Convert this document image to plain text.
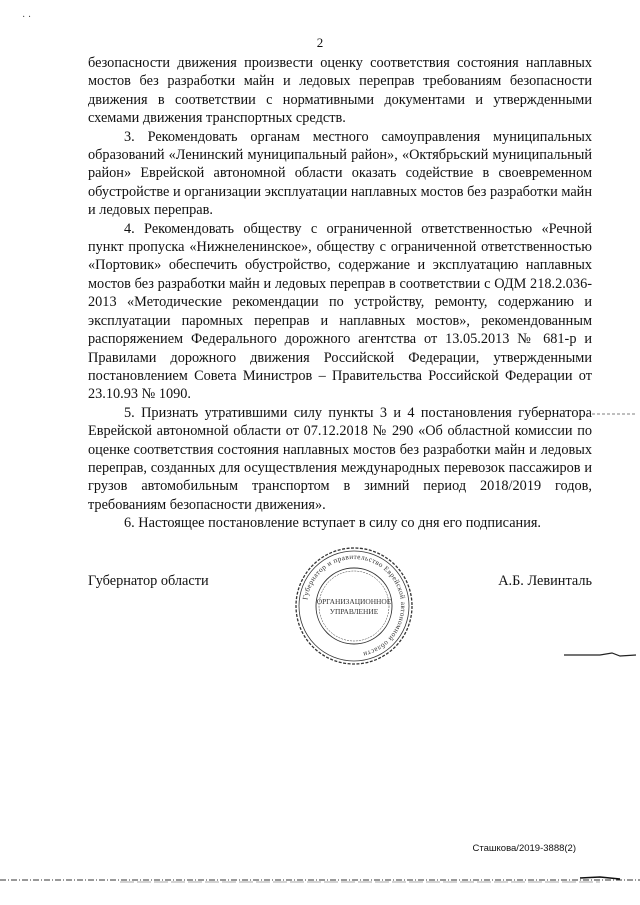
· ·
2

безопасности движения произвести оценку соответствия состояния наплавных мостов без разработки майн и ледовых переправ требованиям безопасности движения в соответствии с нормативными документами и утвержденными схемами движения транспортных средств.

3. Рекомендовать органам местного самоуправления муниципальных образований «Ленинский муниципальный район», «Октябрьский муниципальный район» Еврейской автономной области оказать содействие в своевременном обустройстве и организации эксплуатации наплавных мостов без разработки майн и ледовых переправ.

4. Рекомендовать обществу с ограниченной ответственностью «Речной пункт пропуска «Нижнеленинское», обществу с ограниченной ответственностью «Портовик» обеспечить обустройство, содержание и эксплуатацию наплавных мостов без разработки майн и ледовых переправ в соответствии с ОДМ 218.2.036-2013 «Методические рекомендации по устройству, ремонту, содержанию и эксплуатации паромных переправ и наплавных мостов», рекомендованным распоряжением Федерального дорожного агентства от 13.05.2013 № 681-р и Правилами дорожного движения Российской Федерации, утвержденными постановлением Совета Министров – Правительства Российской Федерации от 23.10.93 № 1090.

5. Признать утратившими силу пункты 3 и 4 постановления губернатора Еврейской автономной области от 07.12.2018 № 290 «Об областной комиссии по оценке соответствия состояния наплавных мостов без разработки майн и ледовых переправ, созданных для осуществления международных перевозок пассажиров и грузов автомобильным транспортом в зимний период 2018/2019 годов, требованиям безопасности движения».

6. Настоящее постановление вступает в силу со дня его подписания.

Губернатор области	А.Б. Левинталь
Губернатор и правительство Еврейской автономной области
ОРГАНИЗАЦИОННОЕ
УПРАВЛЕНИЕ
Сташкова/2019-3888(2)
